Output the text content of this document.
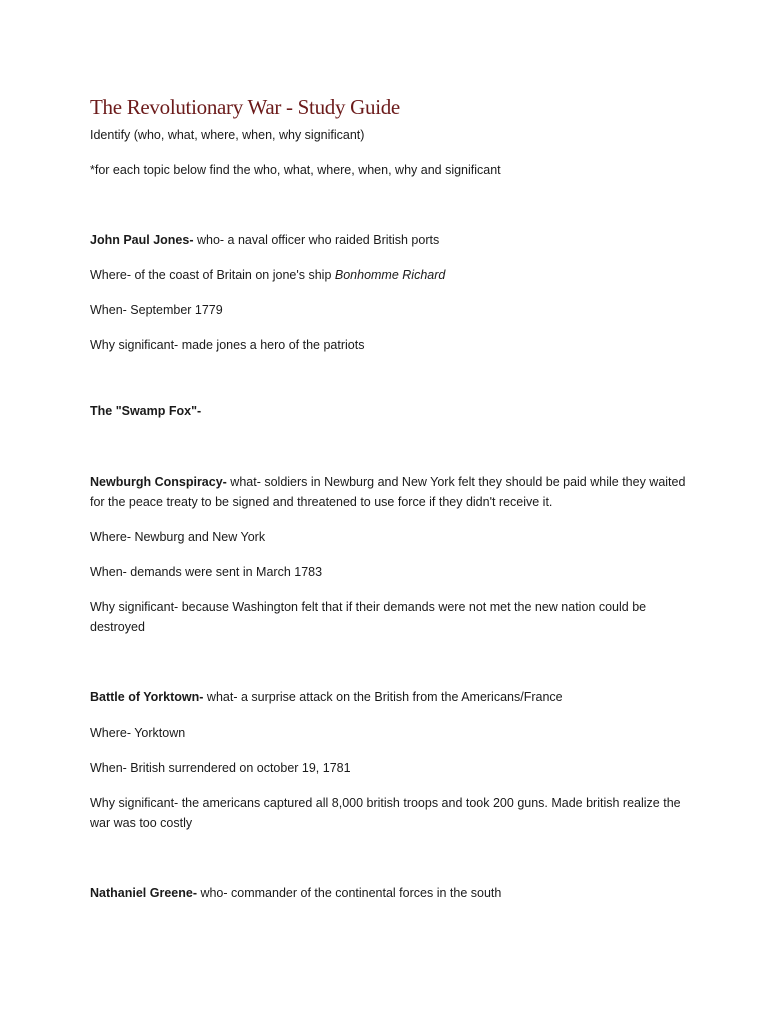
The Revolutionary War - Study Guide

Identify (who, what, where, when, why significant)

*for each topic below find the who, what, where, when, why and significant

John Paul Jones- who- a naval officer who raided British ports

Where- of the coast of Britain on jone's ship Bonhomme Richard

When- September 1779

Why significant- made jones a hero of the patriots

The "Swamp Fox"-

Newburgh Conspiracy- what- soldiers in Newburg and New York felt they should be paid while they waited for the peace treaty to be signed and threatened to use force if they didn't receive it.

Where- Newburg and New York

When- demands were sent in March 1783

Why significant- because Washington felt that if their demands were not met the new nation could be destroyed

Battle of Yorktown- what- a surprise attack on the British from the Americans/France

Where- Yorktown

When- British surrendered on october 19, 1781

Why significant- the americans captured all 8,000 british troops and took 200 guns. Made british realize the war was too costly

Nathaniel Greene- who- commander of the continental forces in the south
